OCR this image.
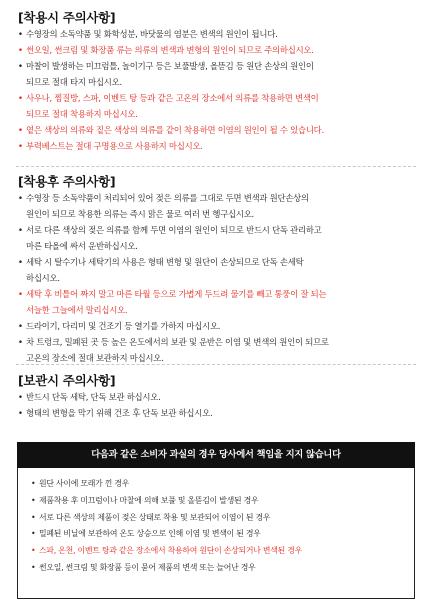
[착용시 주의사항]
• 수영장의 소독약품 및 화학성분, 바닷물의 염분은 변색의 원인이 됩니다.
• 썬오일, 썬크림 및 화장품 류는 의류의 변색과 변형의 원인이 되므로 주의하십시오.
• 마찰이 발생하는 미끄럼틀, 놀이기구 등은 보풀발생, 올뜯김 등 원단 손상의 원인이
되므로 절대 타지 마십시오.
• 사우나, 찜질방, 스파, 이벤트 탕 등과 같은 고온의 장소에서 의류를 착용하면 변색이
되므로 절대 착용하지 마십시오.
• 옅은 색상의 의류와 짙은 색상의 의류를 같이 착용하면 이염의 원인이 될 수 있습니다.
• 부력베스트는 절대 구명용으로 사용하지 마십시오.
[착용후 주의사항]
• 수영장 등 소독약품이 처리되어 있어 젖은 의류를 그대로 두면 변색과 원단손상의
원인이 되므로 착용한 의류는 즉시 맑은 물로 여러 번 헹구십시오.
• 서로 다른 색상의 젖은 의류를 함께 두면 이염의 원인이 되므로 반드시 단독 관리하고
마른 타올에 싸서 운반하십시오.
• 세탁 시 탈수기나 세탁기의 사용은 형태 변형 및 원단이 손상되므로 단독 손세탁
하십시오.
• 세탁 후 비틀어 짜지 말고 마른 타월 등으로 가볍게 두드려 물기를 빼고 통풍이 잘 되는
서늘한 그늘에서 말리십시오.
• 드라이기, 다리미 및 건조기 등 열기를 가하지 마십시오.
• 차 트렁크, 밀폐된 곳 등 높은 온도에서의 보관 및 운반은 이염 및 변색의 원인이 되므로
고온의 장소에 절대 보관하지 마십시오.
[보관시 주의사항]
• 반드시 단독 세탁, 단독 보관 하십시오.
• 형태의 변형을 막기 위해 건조 후 단독 보관 하십시오.
다음과 같은 소비자 과실의 경우 당사에서 책임을 지지 않습니다
• 원단 사이에 모래가 낀 경우
• 제품착용 후 미끄럼이나 마찰에 의해 보풀 및 올뜯김이 발생된 경우
• 서로 다른 색상의 제품이 젖은 상태로 착용 및 보관되어 이염이 된 경우
• 밀폐된 비닐에 보관하여 온도 상승으로 인해 이염 및 변색이 된 경우
• 스파, 온천, 이벤트 탕과 같은 장소에서 착용하여 원단이 손상되거나 변색된 경우
• 썬오일, 썬크림 및 화장품 등이 묻어 제품의 변색 또는 늘어난 경우
